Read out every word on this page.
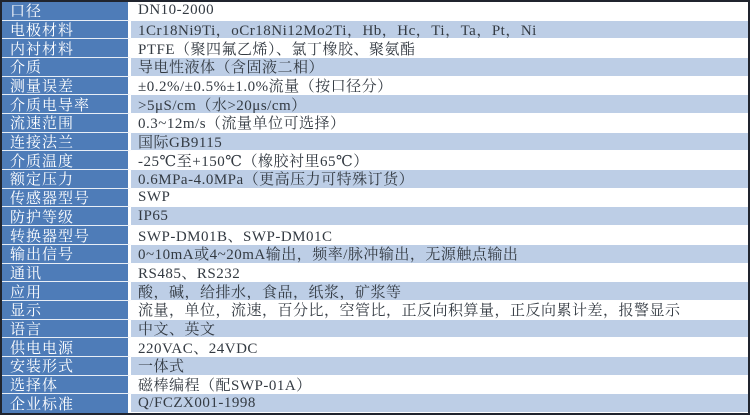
口径	DN10-2000
电极材料	1Cr18Ni9Ti，oCr18Ni12Mo2Ti，Hb，Hc，Ti，Ta，Pt，Ni
内衬材料	PTFE（聚四氟乙烯）、氯丁橡胶、聚氨酯
介质	导电性液体（含固液二相）
测量误差	±0.2%/±0.5%±1.0%流量（按口径分）
介质电导率	>5μS/cm（水>20μs/cm）
流速范围	0.3~12m/s（流量单位可选择）
连接法兰	国际GB9115
介质温度	-25℃至+150℃（橡胶衬里65℃）
额定压力	0.6MPa-4.0MPa（更高压力可特殊订货）
传感器型号	SWP
防护等级	IP65
转换器型号	SWP-DM01B、SWP-DM01C
输出信号	0~10mA或4~20mA输出，频率/脉冲输出，无源触点输出
通讯	RS485、RS232
应用	酸，碱，给排水，食品，纸浆，矿浆等
显示	流量，单位，流速，百分比，空管比，正反向积算量，正反向累计差，报警显示
语言	中文、英文
供电电源	220VAC、24VDC
安装形式	一体式
选择体	磁棒编程（配SWP-01A）
企业标准	Q/FCZX001-1998
